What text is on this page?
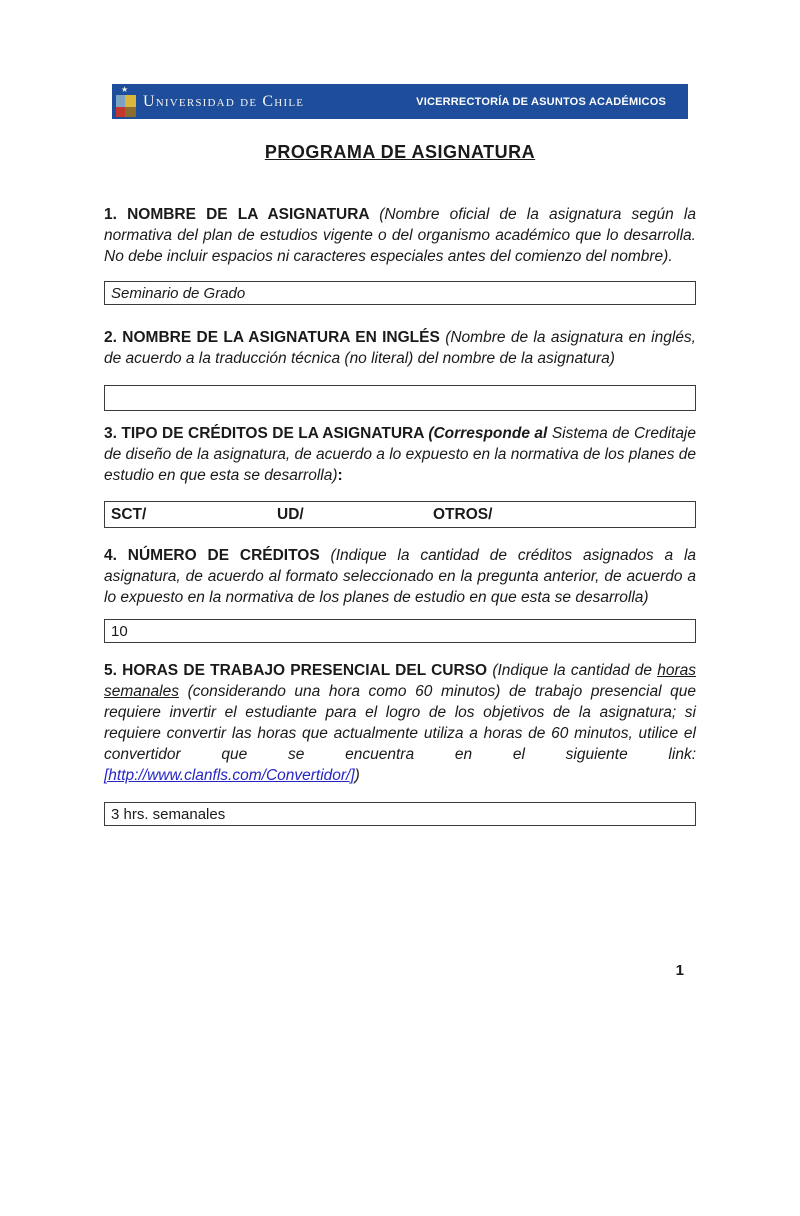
★
Universidad de Chile	VICERRECTORÍA DE ASUNTOS ACADÉMICOS
PROGRAMA DE ASIGNATURA

1. NOMBRE DE LA ASIGNATURA (Nombre oficial de la asignatura según la normativa del plan de estudios vigente o del organismo académico que lo desarrolla. No debe incluir espacios ni caracteres especiales antes del comienzo del nombre).

Seminario de Grado

2. NOMBRE DE LA ASIGNATURA EN INGLÉS (Nombre de la asignatura en inglés, de acuerdo a la traducción técnica (no literal) del nombre de la asignatura)

3. TIPO DE CRÉDITOS DE LA ASIGNATURA (Corresponde al Sistema de Creditaje de diseño de la asignatura, de acuerdo a lo expuesto en la normativa de los planes de estudio en que esta se desarrolla):

SCT/	UD/	OTROS/

4. NÚMERO DE CRÉDITOS (Indique la cantidad de créditos asignados a la asignatura, de acuerdo al formato seleccionado en la pregunta anterior, de acuerdo a lo expuesto en la normativa de los planes de estudio en que esta se desarrolla)

10

5. HORAS DE TRABAJO PRESENCIAL DEL CURSO (Indique la cantidad de horas semanales (considerando una hora como 60 minutos) de trabajo presencial que requiere invertir el estudiante para el logro de los objetivos de la asignatura; si requiere convertir las horas que actualmente utiliza a horas de 60 minutos, utilice el convertidor que se encuentra en el siguiente link: [http://www.clanfls.com/Convertidor/])

3 hrs. semanales
1
